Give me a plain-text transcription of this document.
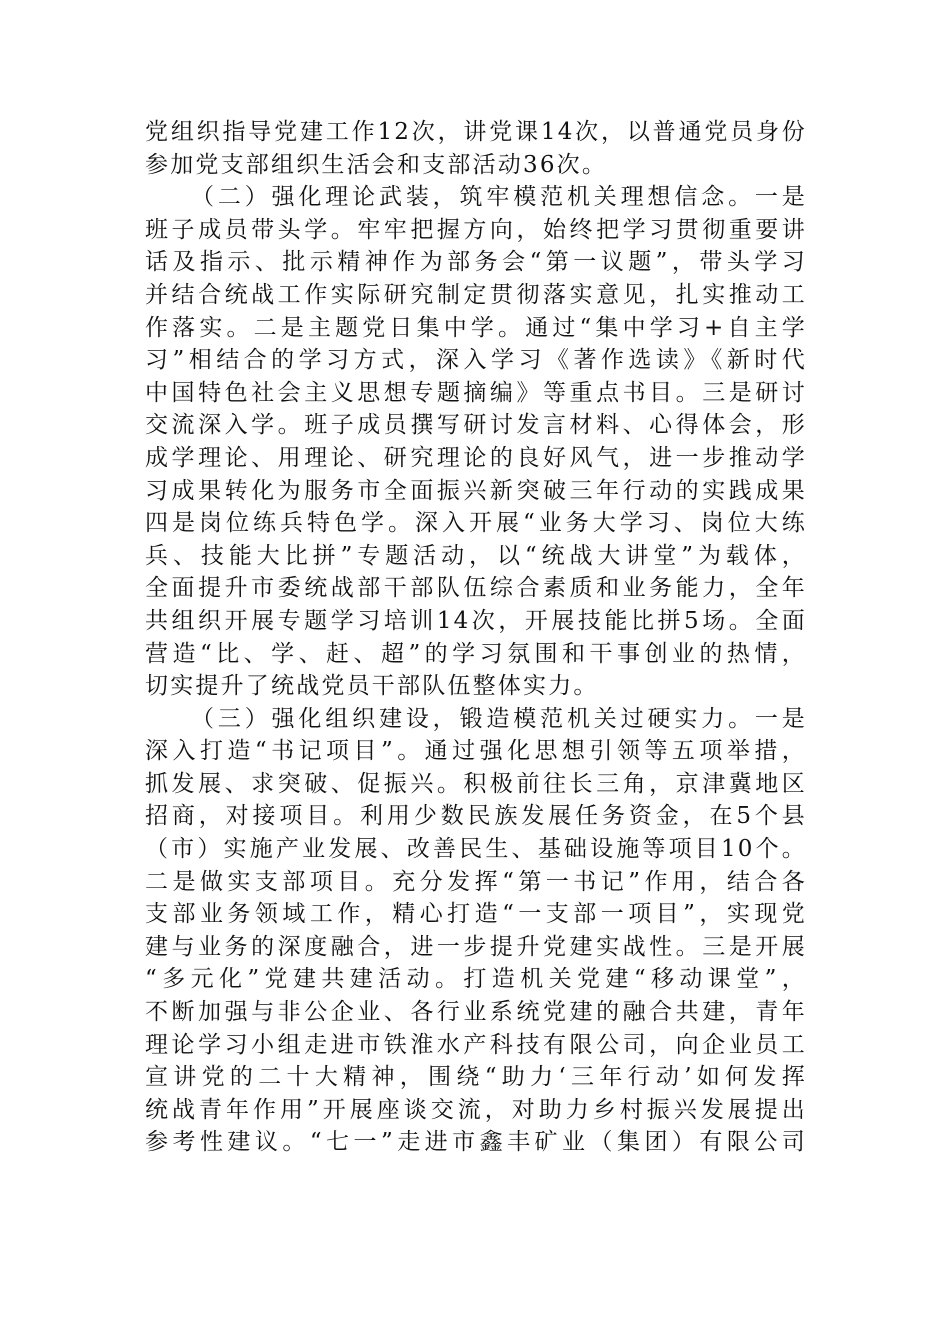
党组织指导党建工作12次，讲党课14次，以普通党员身份
参加党支部组织生活会和支部活动36次。
（二）强化理论武装，筑牢模范机关理想信念。一是
班子成员带头学。牢牢把握方向，始终把学习贯彻重要讲
话及指示、批示精神作为部务会“第一议题”，带头学习
并结合统战工作实际研究制定贯彻落实意见，扎实推动工
作落实。二是主题党日集中学。通过“集中学习+自主学
习”相结合的学习方式，深入学习《著作选读》《新时代
中国特色社会主义思想专题摘编》等重点书目。三是研讨
交流深入学。班子成员撰写研讨发言材料、心得体会，形
成学理论、用理论、研究理论的良好风气，进一步推动学
习成果转化为服务市全面振兴新突破三年行动的实践成果
四是岗位练兵特色学。深入开展“业务大学习、岗位大练
兵、技能大比拼”专题活动，以“统战大讲堂”为载体，
全面提升市委统战部干部队伍综合素质和业务能力，全年
共组织开展专题学习培训14次，开展技能比拼5场。全面
营造“比、学、赶、超”的学习氛围和干事创业的热情，
切实提升了统战党员干部队伍整体实力。
（三）强化组织建设，锻造模范机关过硬实力。一是
深入打造“书记项目”。通过强化思想引领等五项举措，
抓发展、求突破、促振兴。积极前往长三角，京津冀地区
招商，对接项目。利用少数民族发展任务资金，在5个县
（市）实施产业发展、改善民生、基础设施等项目10个。
二是做实支部项目。充分发挥“第一书记”作用，结合各
支部业务领域工作，精心打造“一支部一项目”，实现党
建与业务的深度融合，进一步提升党建实战性。三是开展
“多元化”党建共建活动。打造机关党建“移动课堂”，
不断加强与非公企业、各行业系统党建的融合共建，青年
理论学习小组走进市铁淮水产科技有限公司，向企业员工
宣讲党的二十大精神，围绕“助力‘三年行动’如何发挥
统战青年作用”开展座谈交流，对助力乡村振兴发展提出
参考性建议。“七一”走进市鑫丰矿业（集团）有限公司
